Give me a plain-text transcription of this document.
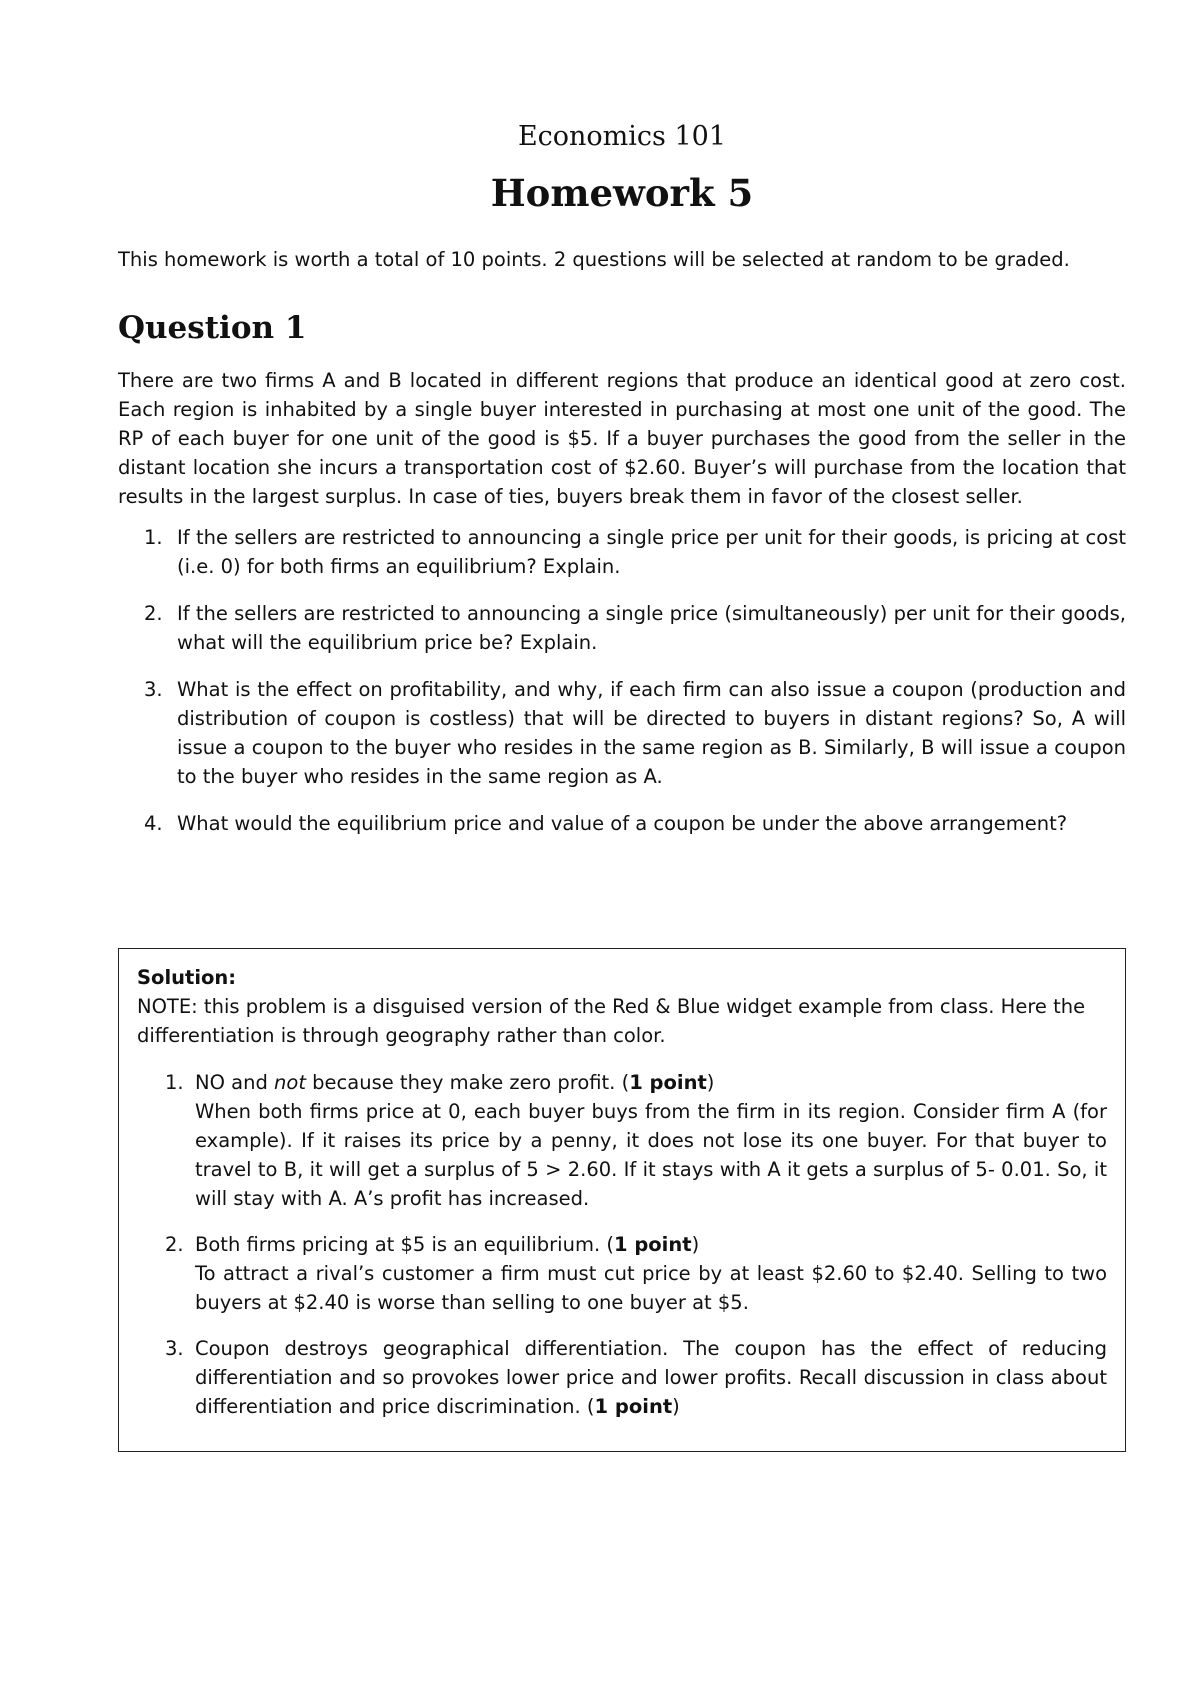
Economics 101

Homework 5

This homework is worth a total of 10 points. 2 questions will be selected at random to be graded.

Question 1

There are two firms A and B located in different regions that produce an identical good at zero cost. Each region is inhabited by a single buyer interested in purchasing at most one unit of the good. The RP of each buyer for one unit of the good is $5. If a buyer purchases the good from the seller in the distant location she incurs a transportation cost of $2.60. Buyer’s will purchase from the location that results in the largest surplus. In case of ties, buyers break them in favor of the closest seller.

1. If the sellers are restricted to announcing a single price per unit for their goods, is pricing at cost (i.e. 0) for both firms an equilibrium? Explain.
2. If the sellers are restricted to announcing a single price (simultaneously) per unit for their goods, what will the equilibrium price be? Explain.
3. What is the effect on profitability, and why, if each firm can also issue a coupon (production and distribution of coupon is costless) that will be directed to buyers in distant regions? So, A will issue a coupon to the buyer who resides in the same region as B. Similarly, B will issue a coupon to the buyer who resides in the same region as A.
4. What would the equilibrium price and value of a coupon be under the above arrangement?

Solution:

NOTE: this problem is a disguised version of the Red & Blue widget example from class. Here the differentiation is through geography rather than color.

1. NO and not because they make zero profit. (1 point)
When both firms price at 0, each buyer buys from the firm in its region. Consider firm A (for example). If it raises its price by a penny, it does not lose its one buyer. For that buyer to travel to B, it will get a surplus of 5 > 2.60. If it stays with A it gets a surplus of 5- 0.01. So, it will stay with A. A’s profit has increased.
2. Both firms pricing at $5 is an equilibrium. (1 point)
To attract a rival’s customer a firm must cut price by at least $2.60 to $2.40. Selling to two buyers at $2.40 is worse than selling to one buyer at $5.
3. Coupon destroys geographical differentiation. The coupon has the effect of reducing differentiation and so provokes lower price and lower profits. Recall discussion in class about differentiation and price discrimination. (1 point)
